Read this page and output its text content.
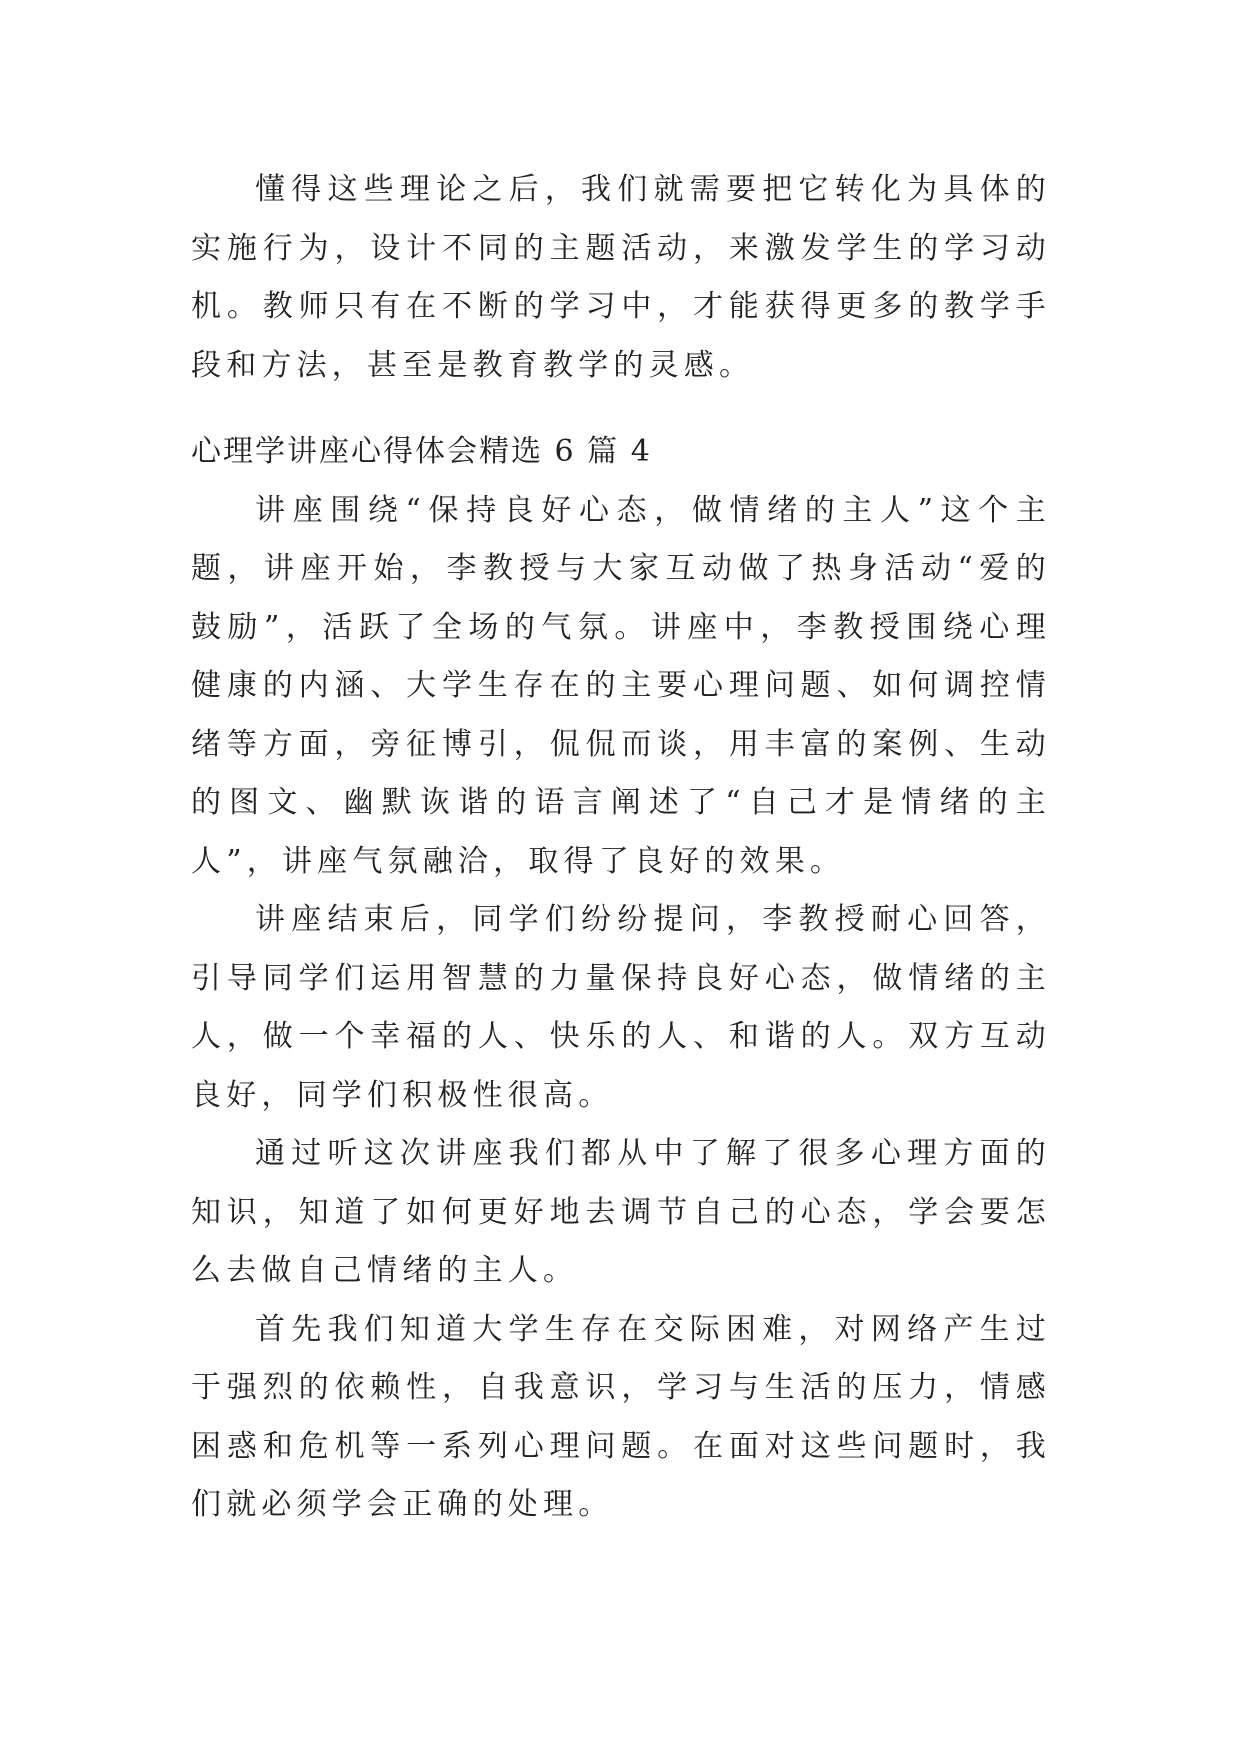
懂得这些理论之后，我们就需要把它转化为具体的实施行为，设计不同的主题活动，来激发学生的学习动机。教师只有在不断的学习中，才能获得更多的教学手段和方法，甚至是教育教学的灵感。

心理学讲座心得体会精选 6 篇 4

讲座围绕“保持良好心态，做情绪的主人”这个主题，讲座开始，李教授与大家互动做了热身活动“爱的鼓励”，活跃了全场的气氛。讲座中，李教授围绕心理健康的内涵、大学生存在的主要心理问题、如何调控情绪等方面，旁征博引，侃侃而谈，用丰富的案例、生动的图文、幽默诙谐的语言阐述了“自己才是情绪的主人”，讲座气氛融洽，取得了良好的效果。

讲座结束后，同学们纷纷提问，李教授耐心回答，引导同学们运用智慧的力量保持良好心态，做情绪的主人，做一个幸福的人、快乐的人、和谐的人。双方互动良好，同学们积极性很高。

通过听这次讲座我们都从中了解了很多心理方面的知识，知道了如何更好地去调节自己的心态，学会要怎么去做自己情绪的主人。

首先我们知道大学生存在交际困难，对网络产生过于强烈的依赖性，自我意识，学习与生活的压力，情感困惑和危机等一系列心理问题。在面对这些问题时，我们就必须学会正确的处理。
